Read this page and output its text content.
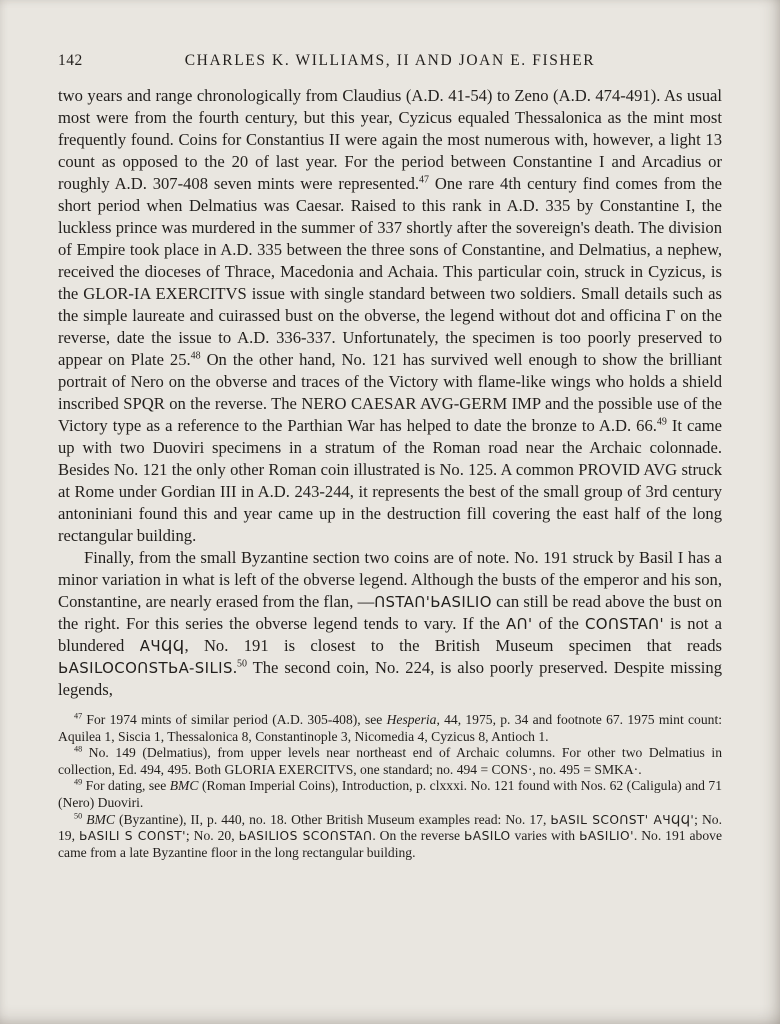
142	CHARLES K. WILLIAMS, II AND JOAN E. FISHER

two years and range chronologically from Claudius (A.D. 41-54) to Zeno (A.D. 474-491). As usual most were from the fourth century, but this year, Cyzicus equaled Thessalonica as the mint most frequently found. Coins for Constantius II were again the most numerous with, however, a light 13 count as opposed to the 20 of last year. For the period between Constantine I and Arcadius or roughly A.D. 307-408 seven mints were represented.$^{47}$ One rare 4th century find comes from the short period when Delmatius was Caesar. Raised to this rank in A.D. 335 by Constantine I, the luckless prince was murdered in the summer of 337 shortly after the sovereign's death. The division of Empire took place in A.D. 335 between the three sons of Constantine, and Delmatius, a nephew, received the dioceses of Thrace, Macedonia and Achaia. This particular coin, struck in Cyzicus, is the GLOR-IA EXERCITVS issue with single standard between two soldiers. Small details such as the simple laureate and cuirassed bust on the obverse, the legend without dot and officina Γ on the reverse, date the issue to A.D. 336-337. Unfortunately, the specimen is too poorly preserved to appear on Plate 25.48 On the other hand, No. 121 has survived well enough to show the brilliant portrait of Nero on the obverse and traces of the Victory with flame-like wings who holds a shield inscribed SPQR on the reverse. The NERO CAESAR AVG-GERM IMP and the possible use of the Victory type as a reference to the Parthian War has helped to date the bronze to A.D. 66.49 It came up with two Duoviri specimens in a stratum of the Roman road near the Archaic colonnade. Besides No. 121 the only other Roman coin illustrated is No. 125. A common PROVID AVG struck at Rome under Gordian III in A.D. 243-244, it represents the best of the small group of 3rd century antoniniani found this and year came up in the destruction fill covering the east half of the long rectangular building.

Finally, from the small Byzantine section two coins are of note. No. 191 struck by Basil I has a minor variation in what is left of the obverse legend. Although the busts of the emperor and his son, Constantine, are nearly erased from the flan, —ՈSTAՈ'ЬASILIO can still be read above the bust on the right. For this series the obverse legend tends to vary. If the AՈ' of the COՈSTAՈ' is not a blundered AЧϤϤ, No. 191 is closest to the British Museum specimen that reads ЬASILOCOՈSTЬA-SILIS.$^{50}$ The second coin, No. 224, is also poorly preserved. Despite missing legends,

$^{47}$ For 1974 mints of similar period (A.D. 305-408), see Hesperia, 44, 1975, p. 34 and footnote 67. 1975 mint count: Aquilea 1, Siscia 1, Thessalonica 8, Constantinople 3, Nicomedia 4, Cyzicus 8, Antioch 1.

$^{48}$ No. 149 (Delmatius), from upper levels near northeast end of Archaic columns. For other two Delmatius in collection, Ed. 494, 495. Both GLORIA EXERCITVS, one standard; no. 494 = CONS·, no. 495 = SMKA·.

$^{49}$ For dating, see BMC (Roman Imperial Coins), Introduction, p. clxxxi. No. 121 found with Nos. 62 (Caligula) and 71 (Nero) Duoviri.

$^{50}$ BMC (Byzantine), II, p. 440, no. 18. Other British Museum examples read: No. 17, ЬASIL SCOՈST' AЧϤϤ'; No. 19, ЬASILI S COՈST'; No. 20, ЬASILIOS SCOՈSTAՈ. On the reverse ЬASILO varies with ЬASILIO'. No. 191 above came from a late Byzantine floor in the long rectangular building.
